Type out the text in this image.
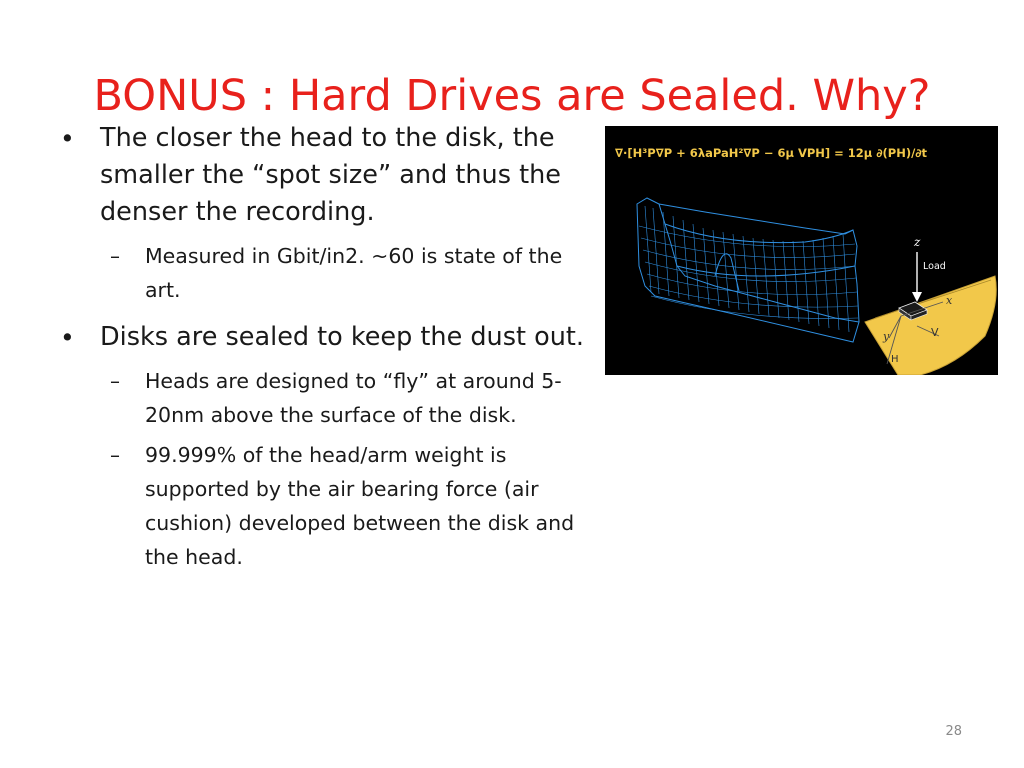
BONUS : Hard Drives are Sealed. Why?
• The closer the head to the disk, the smaller the “spot size” and thus the denser the recording.
– Measured in Gbit/in2. ~60 is state of the art.
• Disks are sealed to keep the dust out.
– Heads are designed to “fly” at around 5-20nm above the surface of the disk.
– 99.999% of the head/arm weight is supported by the air bearing force (air cushion) developed between the disk and the head.
∇·[H³P∇P + 6λaPaH²∇P − 6μ VPH] = 12μ ∂(PH)/∂t
z
Load
x
y	V
H
28
